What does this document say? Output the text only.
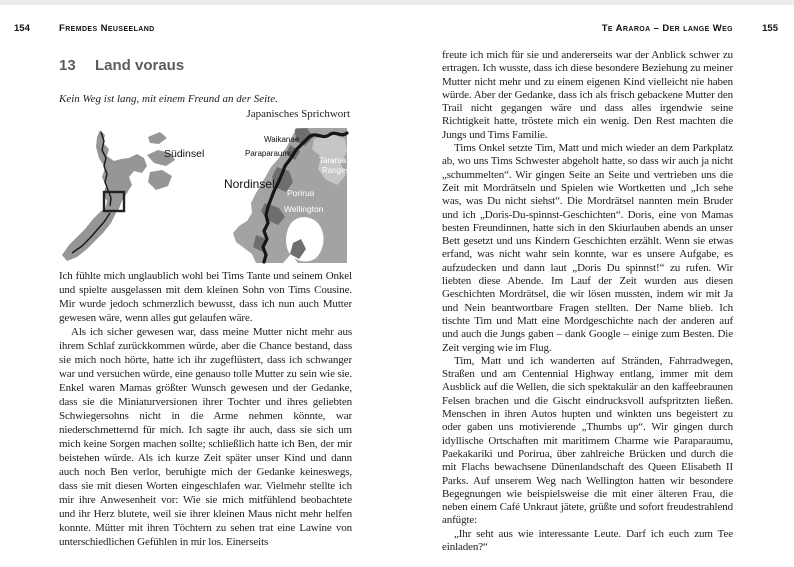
154	Fremdes Neuseeland
13 Land voraus
Kein Weg ist lang, mit einem Freund an der Seite.
Japanisches Sprichwort
Südinsel
Waikanae
Paraparaumu
Tararua
Ranges
Porirua
Wellington
Nordinsel

Ich fühlte mich unglaublich wohl bei Tims Tante und seinem Onkel und spielte ausgelassen mit dem kleinen Sohn von Tims Cousine. Mir wurde jedoch schmerzlich bewusst, dass ich nun auch Mutter gewesen wäre, wenn alles gut gelaufen wäre.

Als ich sicher gewesen war, dass meine Mutter nicht mehr aus ihrem Schlaf zurückkommen würde, aber die Chance bestand, dass sie mich noch hörte, hatte ich ihr zugeflüstert, dass ich schwanger war und versuchen würde, eine genauso tolle Mutter zu sein wie sie. Enkel waren Mamas größter Wunsch gewesen und der Gedanke, dass sie die Miniaturversionen ihrer Tochter und ihres geliebten Schwiegersohns nicht in die Arme nehmen könnte, war niederschmetternd für mich. Ich sagte ihr auch, dass sie sich um mich keine Sorgen machen sollte; schließlich hatte ich Ben, der mir beistehen würde. Als ich kurze Zeit später unser Kind und dann auch noch Ben verlor, beruhigte mich der Gedanke keineswegs, dass sie mit diesen Worten eingeschlafen war. Vielmehr stellte ich mir ihre Anwesenheit vor: Wie sie mich mitfühlend beobachtete und ihr Herz blutete, weil sie ihrer kleinen Maus nicht mehr helfen konnte. Mütter mit ihren Töchtern zu sehen trat eine Lawine von unterschiedlichen Gefühlen in mir los. Einerseits

Te Araroa – Der lange Weg	155

freute ich mich für sie und andererseits war der Anblick schwer zu ertragen. Ich wusste, dass ich diese besondere Beziehung zu meiner Mutter nicht mehr und zu einem eigenen Kind vielleicht nie haben würde. Aber der Gedanke, dass ich als frisch gebackene Mutter den Trail nicht gegangen wäre und dass alles irgendwie seine Richtigkeit hatte, tröstete mich ein wenig. Den Rest machten die Jungs und Tims Familie.

Tims Onkel setzte Tim, Matt und mich wieder an dem Parkplatz ab, wo uns Tims Schwester abgeholt hatte, so dass wir auch ja nicht „schummelten“. Wir gingen Seite an Seite und vertrieben uns die Zeit mit Mordrätseln und Spielen wie Wortketten und „Ich sehe was, was Du nicht siehst“. Die Mordrätsel nannten mein Bruder und ich „Doris-Du-spinnst-Geschichten“. Doris, eine von Mamas besten Freundinnen, hatte sich in den Skiurlauben abends an unser Bett gesetzt und uns Kindern Geschichten erzählt. Wenn sie etwas erfand, was nicht wahr sein konnte, war es unsere Aufgabe, es aufzudecken und dann laut „Doris Du spinnst!“ zu rufen. Wir liebten diese Abende. Im Lauf der Zeit wurden aus diesen Geschichten Mordrätsel, die wir lösen mussten, indem wir mit Ja und Nein beantwortbare Fragen stellten. Der Name blieb. Ich tischte Tim und Matt eine Mordgeschichte nach der anderen auf und auch die Jungs gaben – dank Google – einige zum Besten. Die Zeit verging wie im Flug.

Tim, Matt und ich wanderten auf Stränden, Fahrradwegen, Straßen und am Centennial Highway entlang, immer mit dem Ausblick auf die Wellen, die sich spektakulär an den kaffeebraunen Felsen brachen und die Gischt eindrucksvoll aufspritzten ließen. Menschen in ihren Autos hupten und winkten uns begeistert zu oder gaben uns motivierende „Thumbs up“. Wir gingen durch idyllische Ortschaften mit maritimem Charme wie Paraparaumu, Paekakariki und Porirua, über zahlreiche Brücken und durch die mit Flachs bewachsene Dünenlandschaft des Queen Elisabeth II Parks. Auf unserem Weg nach Wellington hatten wir besondere Begegnungen wie beispielsweise die mit einer älteren Frau, die neben einem Café Unkraut jätete, grüßte und sofort freudestrahlend anfügte:

„Ihr seht aus wie interessante Leute. Darf ich euch zum Tee einladen?“
